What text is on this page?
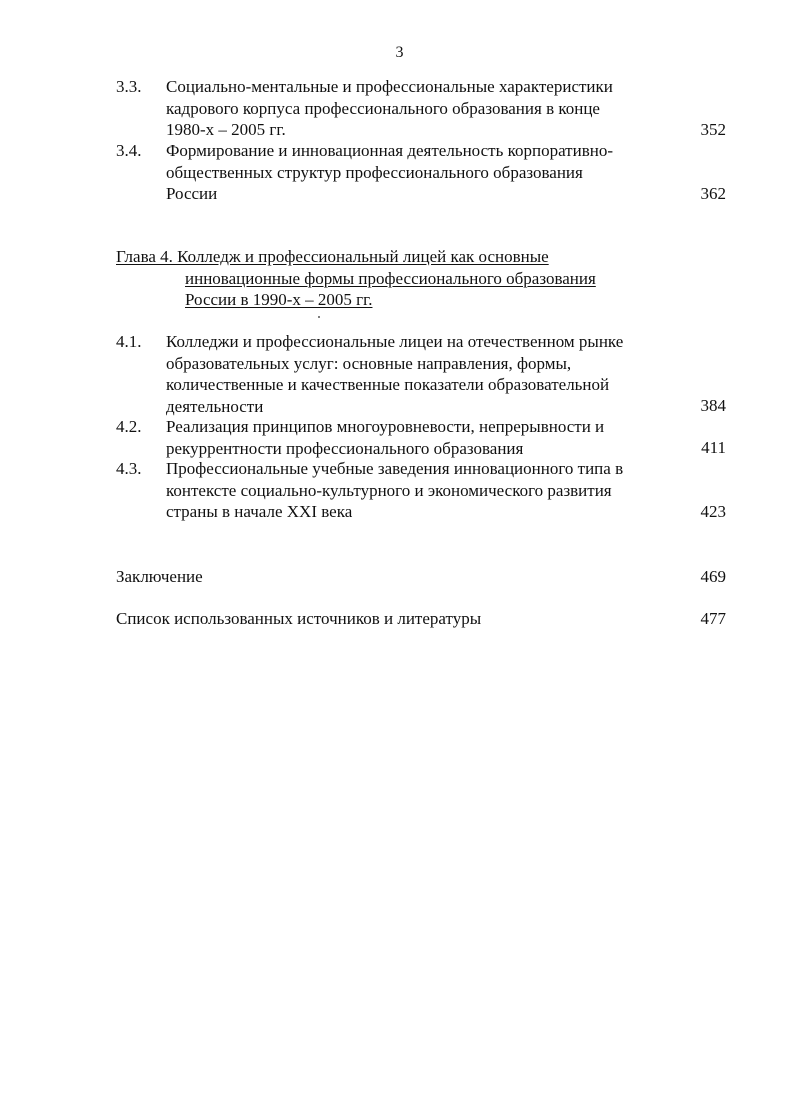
3
3.3. Социально-ментальные и профессиональные характеристики
кадрового корпуса профессионального образования в конце
1980-х – 2005 гг.	352
3.4. Формирование и инновационная деятельность корпоративно-
общественных структур профессионального образования
России	362
Глава 4. Колледж и профессиональный лицей как основные
инновационные формы профессионального образования
России в 1990-х – 2005 гг.
4.1. Колледжи и профессиональные лицеи на отечественном рынке
образовательных услуг: основные направления, формы,
количественные и качественные показатели образовательной
деятельности	384
4.2. Реализация принципов многоуровневости, непрерывности и
рекуррентности профессионального образования	411
4.3. Профессиональные учебные заведения инновационного типа в
контексте социально-культурного и экономического развития
страны в начале XXI века	423
Заключение	469
Список использованных источников и литературы	477
